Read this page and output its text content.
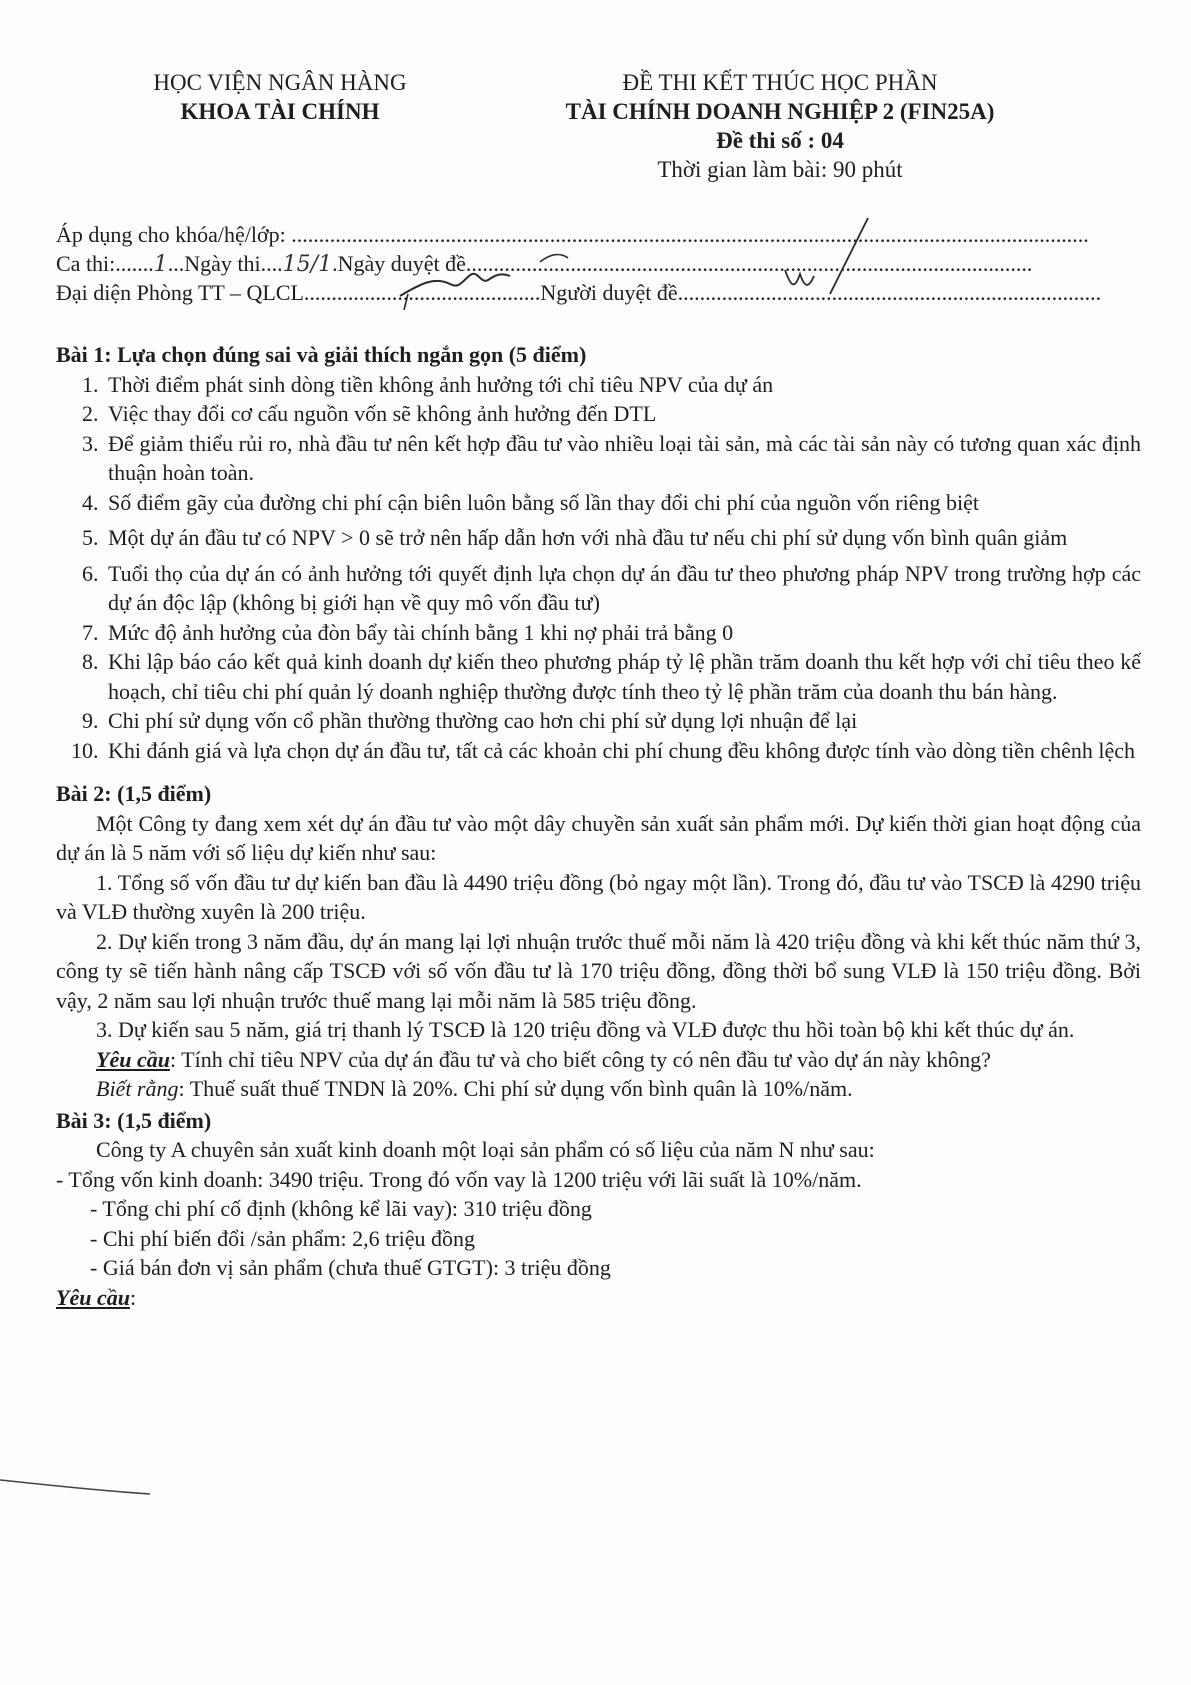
HỌC VIỆN NGÂN HÀNG

KHOA TÀI CHÍNH

ĐỀ THI KẾT THÚC HỌC PHẦN

TÀI CHÍNH DOANH NGHIỆP 2 (FIN25A)

Đề thi số : 04

Thời gian làm bài: 90 phút

Áp dụng cho khóa/hệ/lớp: .................................................................................................................................................
Ca thi:.......1...Ngày thi....15/1.Ngày duyệt đề.......................................................................................................
Đại diện Phòng TT – QLCL...........................................Người duyệt đề.............................................................................

Bài 1: Lựa chọn đúng sai và giải thích ngắn gọn (5 điểm)

1. Thời điểm phát sinh dòng tiền không ảnh hưởng tới chỉ tiêu NPV của dự án
2. Việc thay đổi cơ cấu nguồn vốn sẽ không ảnh hưởng đến DTL
3. Để giảm thiểu rủi ro, nhà đầu tư nên kết hợp đầu tư vào nhiều loại tài sản, mà các tài sản này có tương quan xác định thuận hoàn toàn.
4. Số điểm gãy của đường chi phí cận biên luôn bằng số lần thay đổi chi phí của nguồn vốn riêng biệt
5. Một dự án đầu tư có NPV > 0 sẽ trở nên hấp dẫn hơn với nhà đầu tư nếu chi phí sử dụng vốn bình quân giảm
6. Tuổi thọ của dự án có ảnh hưởng tới quyết định lựa chọn dự án đầu tư theo phương pháp NPV trong trường hợp các dự án độc lập (không bị giới hạn về quy mô vốn đầu tư)
7. Mức độ ảnh hưởng của đòn bẩy tài chính bằng 1 khi nợ phải trả bằng 0
8. Khi lập báo cáo kết quả kinh doanh dự kiến theo phương pháp tỷ lệ phần trăm doanh thu kết hợp với chỉ tiêu theo kế hoạch, chỉ tiêu chi phí quản lý doanh nghiệp thường được tính theo tỷ lệ phần trăm của doanh thu bán hàng.
9. Chi phí sử dụng vốn cổ phần thường thường cao hơn chi phí sử dụng lợi nhuận để lại
10. Khi đánh giá và lựa chọn dự án đầu tư, tất cả các khoản chi phí chung đều không được tính vào dòng tiền chênh lệch

Bài 2: (1,5 điểm)

Một Công ty đang xem xét dự án đầu tư vào một dây chuyền sản xuất sản phẩm mới. Dự kiến thời gian hoạt động của dự án là 5 năm với số liệu dự kiến như sau:

1. Tổng số vốn đầu tư dự kiến ban đầu là 4490 triệu đồng (bỏ ngay một lần). Trong đó, đầu tư vào TSCĐ là 4290 triệu và VLĐ thường xuyên là 200 triệu.

2. Dự kiến trong 3 năm đầu, dự án mang lại lợi nhuận trước thuế mỗi năm là 420 triệu đồng và khi kết thúc năm thứ 3, công ty sẽ tiến hành nâng cấp TSCĐ với số vốn đầu tư là 170 triệu đồng, đồng thời bổ sung VLĐ là 150 triệu đồng. Bởi vậy, 2 năm sau lợi nhuận trước thuế mang lại mỗi năm là 585 triệu đồng.

3. Dự kiến sau 5 năm, giá trị thanh lý TSCĐ là 120 triệu đồng và VLĐ được thu hồi toàn bộ khi kết thúc dự án.

Yêu cầu: Tính chỉ tiêu NPV của dự án đầu tư và cho biết công ty có nên đầu tư vào dự án này không?

Biết rằng: Thuế suất thuế TNDN là 20%. Chi phí sử dụng vốn bình quân là 10%/năm.

Bài 3: (1,5 điểm)

Công ty A chuyên sản xuất kinh doanh một loại sản phẩm có số liệu của năm N như sau:

- Tổng vốn kinh doanh: 3490 triệu. Trong đó vốn vay là 1200 triệu với lãi suất là 10%/năm.

- Tổng chi phí cố định (không kể lãi vay): 310 triệu đồng

- Chi phí biến đổi /sản phẩm: 2,6 triệu đồng

- Giá bán đơn vị sản phẩm (chưa thuế GTGT): 3 triệu đồng

Yêu cầu:
